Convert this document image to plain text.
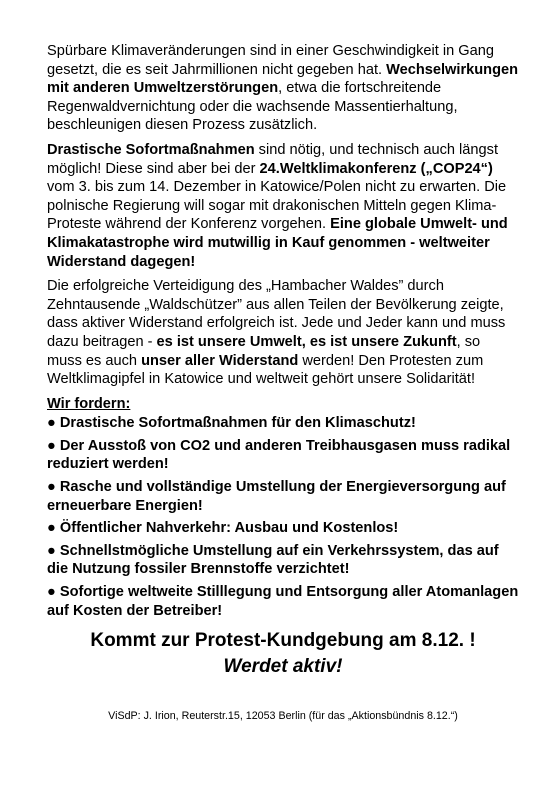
Spürbare Klimaveränderungen sind in einer Geschwindigkeit in Gang gesetzt, die es seit Jahrmillionen nicht gegeben hat. Wechselwirkungen mit anderen Umweltzerstörungen, etwa die fortschreitende Regenwaldvernichtung oder die wachsende Massentierhaltung, beschleunigen diesen Prozess zusätzlich.

Drastische Sofortmaßnahmen sind nötig, und technisch auch längst möglich! Diese sind aber bei der 24.Weltklimakonferenz („COP24“) vom 3. bis zum 14. Dezember in Katowice/Polen nicht zu erwarten. Die polnische Regierung will sogar mit drakonischen Mitteln gegen Klima-Proteste während der Konferenz vorgehen. Eine globale Umwelt- und Klimakatastrophe wird mutwillig in Kauf genommen - weltweiter Widerstand dagegen!

Die erfolgreiche Verteidigung des „Hambacher Waldes” durch Zehntausende „Waldschützer” aus allen Teilen der Bevölkerung zeigte, dass aktiver Widerstand erfolgreich ist. Jede und Jeder kann und muss dazu beitragen - es ist unsere Umwelt, es ist unsere Zukunft, so muss es auch unser aller Widerstand werden! Den Protesten zum Weltklimagipfel in Katowice und weltweit gehört unsere Solidarität!

Wir fordern:
● Drastische Sofortmaßnahmen für den Klimaschutz!
● Der Ausstoß von CO2 und anderen Treibhausgasen muss radikal reduziert werden!
● Rasche und vollständige Umstellung der Energieversorgung auf erneuerbare Energien!
● Öffentlicher Nahverkehr: Ausbau und Kostenlos!
● Schnellstmögliche Umstellung auf ein Verkehrssystem, das auf die Nutzung fossiler Brennstoffe verzichtet!
● Sofortige weltweite Stilllegung und Entsorgung aller Atomanlagen auf Kosten der Betreiber!
Kommt zur Protest-Kundgebung am 8.12. !
Werdet aktiv!
ViSdP: J. Irion, Reuterstr.15, 12053 Berlin (für das „Aktionsbündnis 8.12.“)
